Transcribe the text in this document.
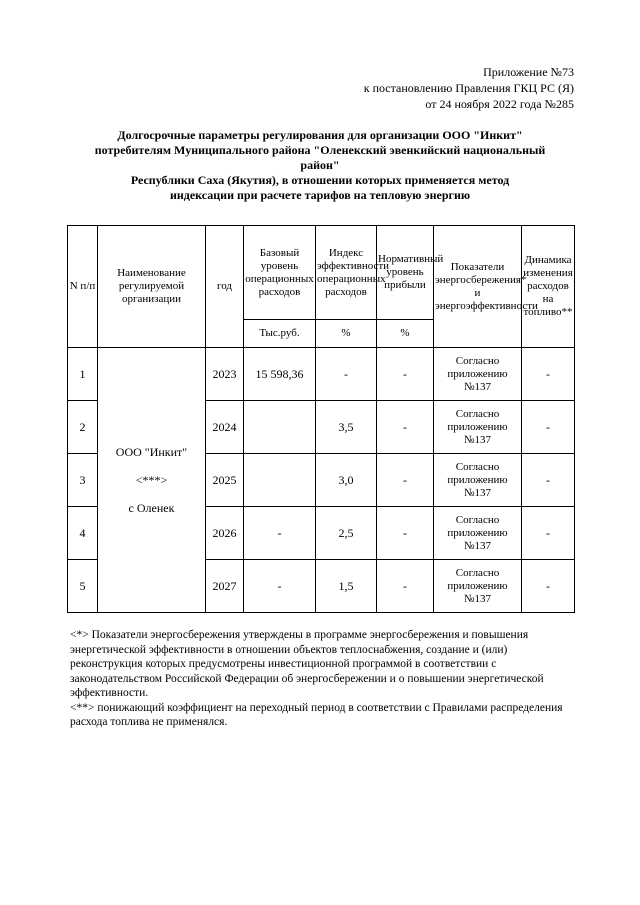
Приложение №73
к постановлению Правления ГКЦ РС (Я)
от 24 ноября 2022 года №285
Долгосрочные параметры регулирования для организации ООО "Инкит"
потребителям Муниципального района "Оленекский эвенкийский национальный
район"
Республики Саха (Якутия), в отношении которых применяется метод
индексации при расчете тарифов на тепловую энергию
N п/п	Наименование регулируемой организации	год	Базовый уровень операционных расходов	Индекс эффективности операционных расходов	Нормативный уровень прибыли	Показатели энергосбережения* и энергоэффективности	Динамика изменения расходов на топливо**
			Тыс.руб.	%	%		
1	ООО "Инкит"
<***>
с Оленек	2023	15 598,36	-	-	Согласно приложению №137	-
2		2024		3,5	-	Согласно приложению №137	-
3		2025		3,0	-	Согласно приложению №137	-
4		2026	-	2,5	-	Согласно приложению №137	-
5		2027	-	1,5	-	Согласно приложению №137	-

<*> Показатели энергосбережения утверждены в программе энергосбережения и повышения энергетической эффективности в отношении объектов теплоснабжения, создание и (или) реконструкция которых предусмотрены инвестиционной программой в соответствии с законодательством Российской Федерации об энергосбережении и о повышении энергетической эффективности.

<**> понижающий коэффициент на переходный период в соответствии с Правилами распределения расхода топлива не применялся.
